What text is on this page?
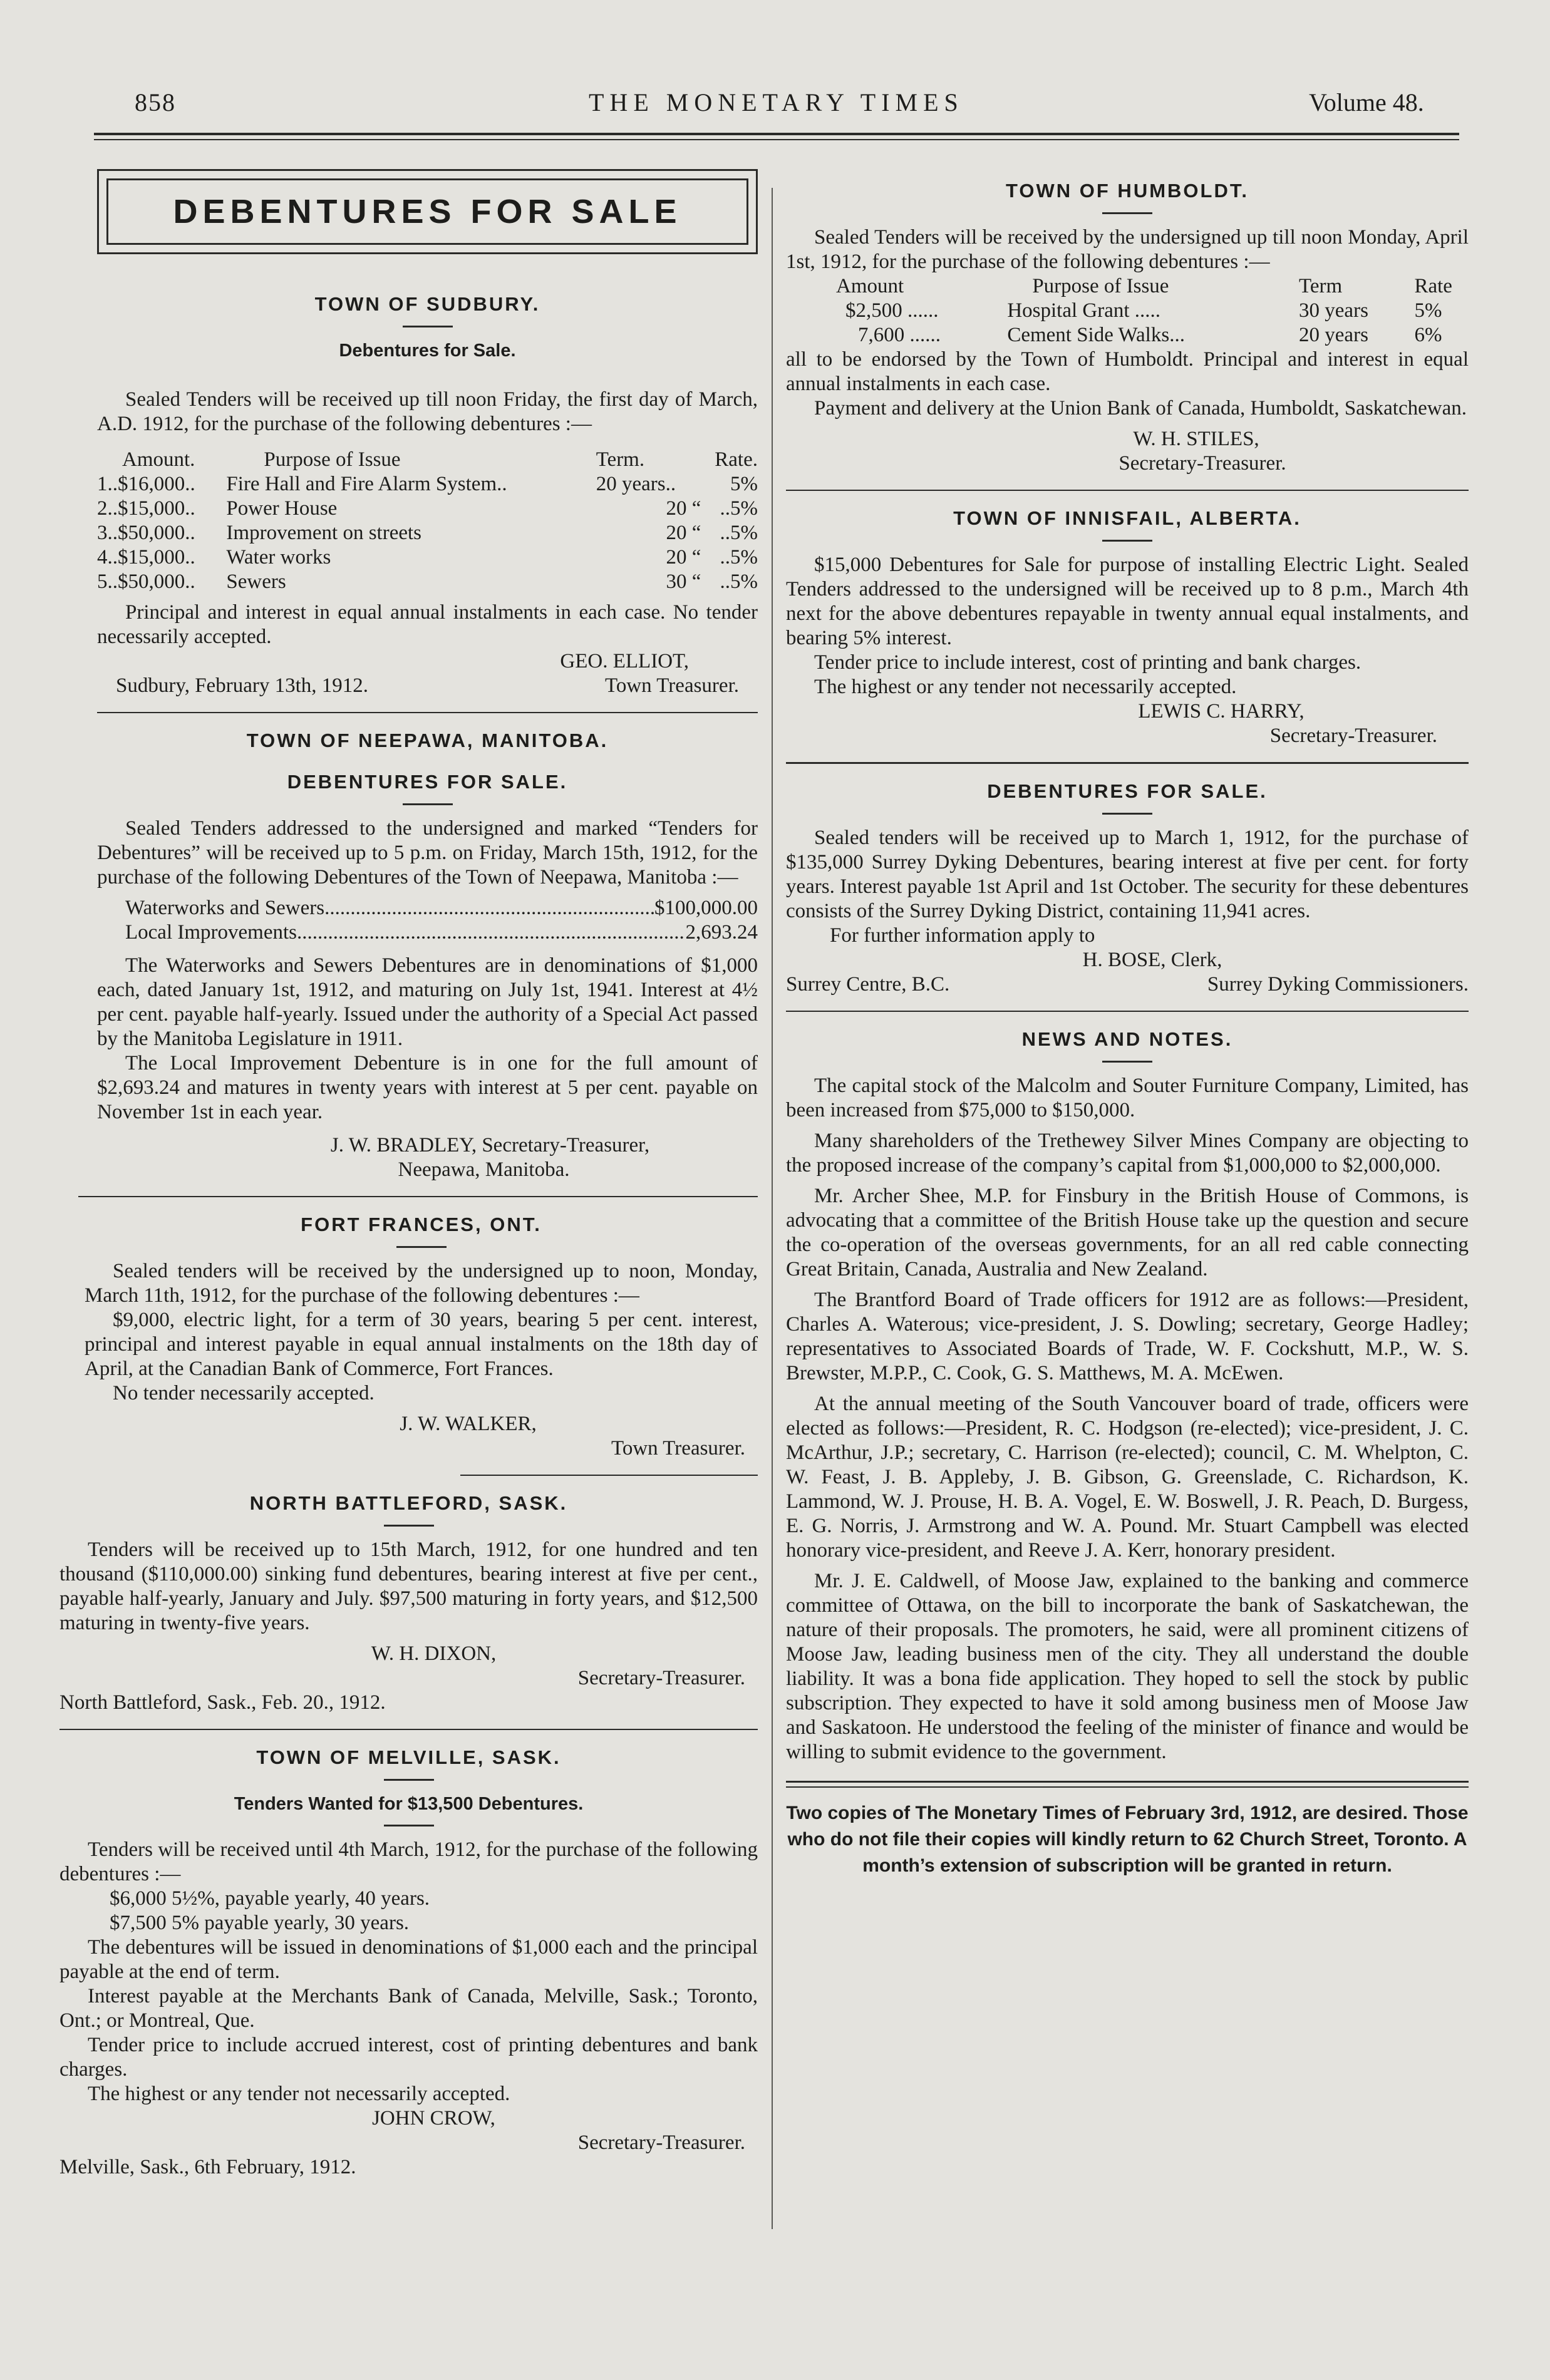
858	THE MONETARY TIMES	Volume 48.
DEBENTURES FOR SALE

TOWN OF SUDBURY.

Debentures for Sale.

Sealed Tenders will be received up till noon Friday, the first day of March, A.D. 1912, for the purchase of the following debentures :—

Amount.	Purpose of Issue	Term.	Rate.
1..$16,000..	Fire Hall and Fire Alarm System..	20 years..	5%
2..$15,000..	Power House	20 “	..5%
3..$50,000..	Improvement on streets	20 “	..5%
4..$15,000..	Water works	20 “	..5%
5..$50,000..	Sewers	30 “	..5%

Principal and interest in equal annual instalments in each case. No tender necessarily accepted.

GEO. ELLIOT,

Sudbury, February 13th, 1912.	Town Treasurer.

TOWN OF NEEPAWA, MANITOBA.

DEBENTURES FOR SALE.

Sealed Tenders addressed to the undersigned and marked “Tenders for Debentures” will be received up to 5 p.m. on Friday, March 15th, 1912, for the purchase of the following Debentures of the Town of Neepawa, Manitoba :—

Waterworks and Sewers .....	$100,000.00
Local Improvements .....	2,693.24

The Waterworks and Sewers Debentures are in denominations of $1,000 each, dated January 1st, 1912, and maturing on July 1st, 1941. Interest at 4½ per cent. payable half-yearly. Issued under the authority of a Special Act passed by the Manitoba Legislature in 1911.

The Local Improvement Debenture is in one for the full amount of $2,693.24 and matures in twenty years with interest at 5 per cent. payable on November 1st in each year.

J. W. BRADLEY, Secretary-Treasurer,

Neepawa, Manitoba.

FORT FRANCES, ONT.

Sealed tenders will be received by the undersigned up to noon, Monday, March 11th, 1912, for the purchase of the following debentures :—

$9,000, electric light, for a term of 30 years, bearing 5 per cent. interest, principal and interest payable in equal annual instalments on the 18th day of April, at the Canadian Bank of Commerce, Fort Frances.

No tender necessarily accepted.

J. W. WALKER,

Town Treasurer.

NORTH BATTLEFORD, SASK.

Tenders will be received up to 15th March, 1912, for one hundred and ten thousand ($110,000.00) sinking fund debentures, bearing interest at five per cent., payable half-yearly, January and July. $97,500 maturing in forty years, and $12,500 maturing in twenty-five years.

W. H. DIXON,

Secretary-Treasurer.

North Battleford, Sask., Feb. 20., 1912.

TOWN OF MELVILLE, SASK.

Tenders Wanted for $13,500 Debentures.

Tenders will be received until 4th March, 1912, for the purchase of the following debentures :—

$6,000 5½%, payable yearly, 40 years.

$7,500 5% payable yearly, 30 years.

The debentures will be issued in denominations of $1,000 each and the principal payable at the end of term.

Interest payable at the Merchants Bank of Canada, Melville, Sask.; Toronto, Ont.; or Montreal, Que.

Tender price to include accrued interest, cost of printing debentures and bank charges.

The highest or any tender not necessarily accepted.

JOHN CROW,

Secretary-Treasurer.

Melville, Sask., 6th February, 1912.

TOWN OF HUMBOLDT.

Sealed Tenders will be received by the undersigned up till noon Monday, April 1st, 1912, for the purchase of the following debentures :—

Amount	Purpose of Issue	Term	Rate
$2,500 ......	Hospital Grant .....	30 years	5%
7,600 ......	Cement Side Walks...	20 years	6%

all to be endorsed by the Town of Humboldt. Principal and interest in equal annual instalments in each case.

Payment and delivery at the Union Bank of Canada, Humboldt, Saskatchewan.

W. H. STILES,

Secretary-Treasurer.

TOWN OF INNISFAIL, ALBERTA.

$15,000 Debentures for Sale for purpose of installing Electric Light. Sealed Tenders addressed to the undersigned will be received up to 8 p.m., March 4th next for the above debentures repayable in twenty annual equal instalments, and bearing 5% interest.

Tender price to include interest, cost of printing and bank charges.

The highest or any tender not necessarily accepted.

LEWIS C. HARRY,

Secretary-Treasurer.

DEBENTURES FOR SALE.

Sealed tenders will be received up to March 1, 1912, for the purchase of $135,000 Surrey Dyking Debentures, bearing interest at five per cent. for forty years. Interest payable 1st April and 1st October. The security for these debentures consists of the Surrey Dyking District, containing 11,941 acres.

For further information apply to

H. BOSE, Clerk,

Surrey Centre, B.C.	Surrey Dyking Commissioners.

NEWS AND NOTES.

The capital stock of the Malcolm and Souter Furniture Company, Limited, has been increased from $75,000 to $150,000.

Many shareholders of the Trethewey Silver Mines Company are objecting to the proposed increase of the company’s capital from $1,000,000 to $2,000,000.

Mr. Archer Shee, M.P. for Finsbury in the British House of Commons, is advocating that a committee of the British House take up the question and secure the co-operation of the overseas governments, for an all red cable connecting Great Britain, Canada, Australia and New Zealand.

The Brantford Board of Trade officers for 1912 are as follows:—President, Charles A. Waterous; vice-president, J. S. Dowling; secretary, George Hadley; representatives to Associated Boards of Trade, W. F. Cockshutt, M.P., W. S. Brewster, M.P.P., C. Cook, G. S. Matthews, M. A. McEwen.

At the annual meeting of the South Vancouver board of trade, officers were elected as follows:—President, R. C. Hodgson (re-elected); vice-president, J. C. McArthur, J.P.; secretary, C. Harrison (re-elected); council, C. M. Whelpton, C. W. Feast, J. B. Appleby, J. B. Gibson, G. Greenslade, C. Richardson, K. Lammond, W. J. Prouse, H. B. A. Vogel, E. W. Boswell, J. R. Peach, D. Burgess, E. G. Norris, J. Armstrong and W. A. Pound. Mr. Stuart Campbell was elected honorary vice-president, and Reeve J. A. Kerr, honorary president.

Mr. J. E. Caldwell, of Moose Jaw, explained to the banking and commerce committee of Ottawa, on the bill to incorporate the bank of Saskatchewan, the nature of their proposals. The promoters, he said, were all prominent citizens of Moose Jaw, leading business men of the city. They all understand the double liability. It was a bona fide application. They hoped to sell the stock by public subscription. They expected to have it sold among business men of Moose Jaw and Saskatoon. He understood the feeling of the minister of finance and would be willing to submit evidence to the government.

Two copies of The Monetary Times of February 3rd, 1912, are desired. Those who do not file their copies will kindly return to 62 Church Street, Toronto. A month’s extension of subscription will be granted in return.
